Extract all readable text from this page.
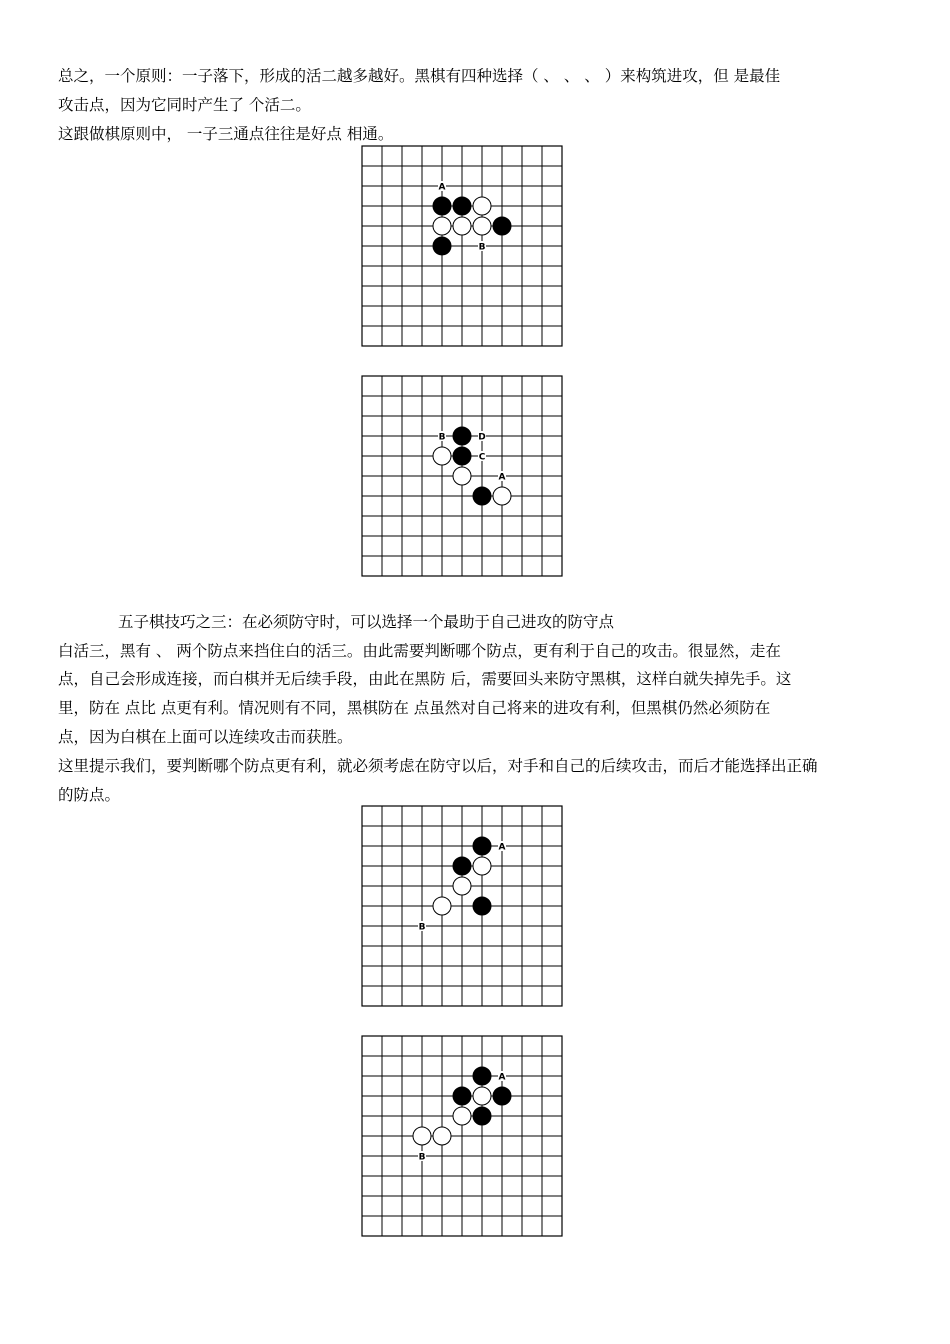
总之，一个原则：一子落下，形成的活二越多越好。黑棋有四种选择（ 、 、 、 ）来构筑进攻，但 是最佳
攻击点，因为它同时产生了 个活二。
这跟做棋原则中， 一子三通点往往是好点 相通。
A
B
B	D
C
A
五子棋技巧之三：在必须防守时，可以选择一个最助于自己进攻的防守点
白活三，黑有 、 两个防点来挡住白的活三。由此需要判断哪个防点，更有利于自己的攻击。很显然，走在
点，自己会形成连接，而白棋并无后续手段，由此在黑防 后，需要回头来防守黑棋，这样白就失掉先手。这
里，防在 点比 点更有利。情况则有不同，黑棋防在 点虽然对自己将来的进攻有利，但黑棋仍然必须防在
点，因为白棋在上面可以连续攻击而获胜。
这里提示我们，要判断哪个防点更有利，就必须考虑在防守以后，对手和自己的后续攻击，而后才能选择出正确
的防点。
A
B
A
B
